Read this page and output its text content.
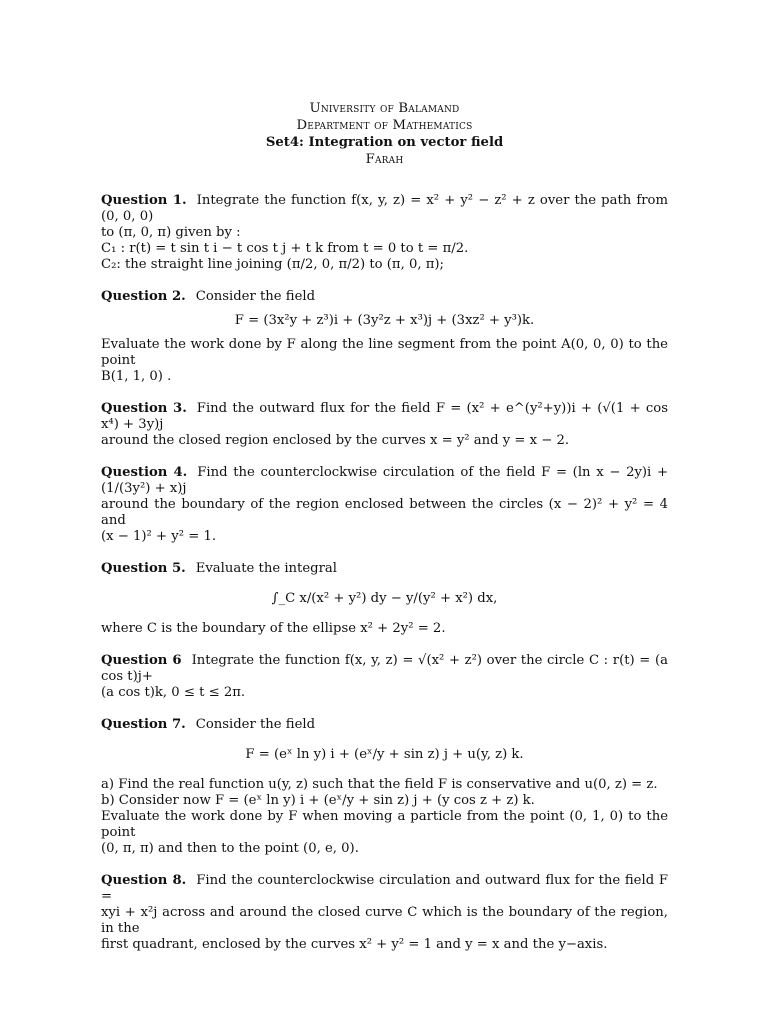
University of Balamand
Department of Mathematics
Set4: Integration on vector field
Farah
Question 1. Integrate the function f(x, y, z) = x² + y² − z² + z over the path from (0, 0, 0)
to (π, 0, π) given by :
C₁ : r(t) = t sin t i − t cos t j + t k from t = 0 to t = π/2.
C₂: the straight line joining (π/2, 0, π/2) to (π, 0, π);
Question 2. Consider the field
F = (3x²y + z³)i + (3y²z + x³)j + (3xz² + y³)k.
Evaluate the work done by F along the line segment from the point A(0, 0, 0) to the point
B(1, 1, 0) .
Question 3. Find the outward flux for the field F = (x² + e^(y²+y))i + (√(1 + cos x⁴) + 3y)j
around the closed region enclosed by the curves x = y² and y = x − 2.
Question 4. Find the counterclockwise circulation of the field F = (ln x − 2y)i + (1/(3y²) + x)j
around the boundary of the region enclosed between the circles (x − 2)² + y² = 4 and
(x − 1)² + y² = 1.
Question 5. Evaluate the integral
∫_C x/(x² + y²) dy − y/(y² + x²) dx,
where C is the boundary of the ellipse x² + 2y² = 2.
Question 6 Integrate the function f(x, y, z) = √(x² + z²) over the circle C : r(t) = (a cos t)j+
(a cos t)k, 0 ≤ t ≤ 2π.
Question 7. Consider the field
F = (eˣ ln y) i + (eˣ/y + sin z) j + u(y, z) k.
a) Find the real function u(y, z) such that the field F is conservative and u(0, z) = z.
b) Consider now F = (eˣ ln y) i + (eˣ/y + sin z) j + (y cos z + z) k.
Evaluate the work done by F when moving a particle from the point (0, 1, 0) to the point
(0, π, π) and then to the point (0, e, 0).
Question 8. Find the counterclockwise circulation and outward flux for the field F =
xyi + x²j across and around the closed curve C which is the boundary of the region, in the
first quadrant, enclosed by the curves x² + y² = 1 and y = x and the y−axis.
